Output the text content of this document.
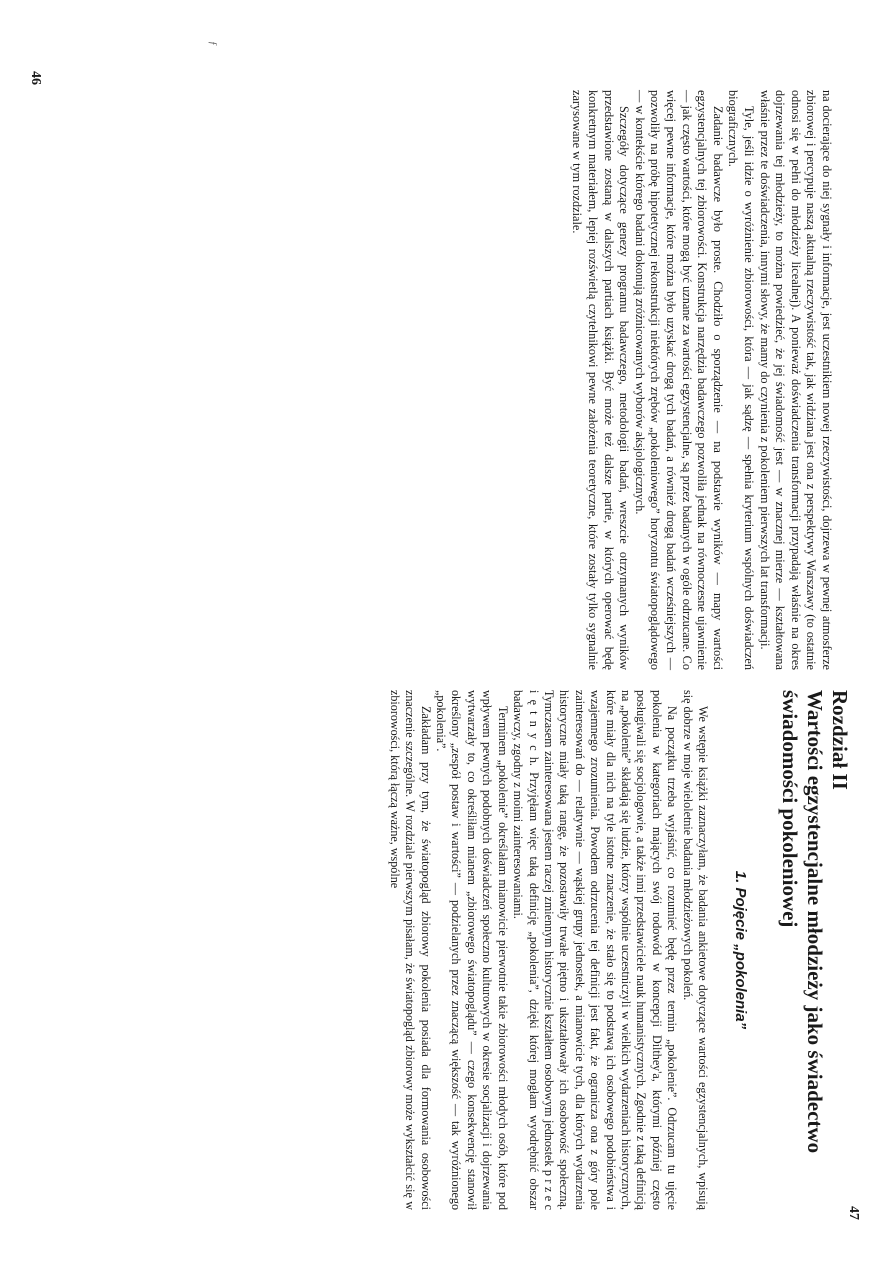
46
47
ƒ

na docierające do niej sygnały i informacje, jest uczestnikiem nowej rzeczywistości, dojrzewa w pewnej atmosferze zbiorowej i percypuje naszą aktualną rzeczywistość tak, jak widziana jest ona z perspektywy Warszawy (to ostatnie odnosi się w pełni do młodzieży licealnej). A ponieważ doświadczenia transformacji przypadają właśnie na okres dojrzewania tej młodzieży, to można powiedzieć, że jej świadomość jest — w znacznej mierze — kształtowana właśnie przez te doświadczenia, innymi słowy, że mamy do czynienia z pokoleniem pierwszych lat transformacji.

Tyle, jeśli idzie o wyróżnienie zbiorowości, która — jak sądzę — spełnia kryterium wspólnych doświadczeń biograficznych.

Zadanie badawcze było proste. Chodziło o sporządzenie — na podstawie wyników — mapy wartości egzystencjalnych tej zbiorowości. Konstrukcja narzędzia badawczego pozwoliła jednak na równoczesne ujawnienie — jak często wartości, które mogą być uznane za wartości egzystencjalne, są przez badanych w ogóle odrzucane. Co więcej pewne informacje, które można było uzyskać drogą tych badań, a również drogą badań wcześniejszych — pozwoliły na próbę hipotetycznej rekonstrukcji niektórych zrębów „pokoleniowego” horyzontu światopoglądowego — w kontekście którego badani dokonują zróżnicowanych wyborów aksjologicznych.

Szczegóły dotyczące genezy programu badawczego, metodologii badań, wreszcie otrzymanych wyników przedstawione zostaną w dalszych partiach książki. Być może też dalsze partie, w których operować będę konkretnym materiałem, lepiej rozświetlą czytelnikowi pewne założenia teoretyczne, które zostały tylko sygnalnie zarysowane w tym rozdziale.

Rozdział II
Wartości egzystencjalne młodzieży jako świadectwo świadomości pokoleniowej
1. Pojęcie „pokolenia”

We wstępie książki zaznaczyłam, że badania ankietowe dotyczące wartości egzystencjalnych, wpisują się dobrze w moje wieloletnie badania młodzieżowych pokoleń.

Na początku trzeba wyjaśnić, co rozumieć będę przez termin „pokolenie”. Odrzucam tu ujęcie pokolenia w kategoriach mających swój rodowód w koncepcji Dilthey'a, którymi później często posługiwali się socjologowie, a także inni przedstawiciele nauk humanistycznych. Zgodnie z taką definicją na „pokolenie” składają się ludzie, którzy wspólnie uczestniczyli w wielkich wydarzeniach historycznych, które miały dla nich na tyle istotne znaczenie, że stało się to podstawą ich osobowego podobieństwa i wzajemnego zrozumienia. Powodem odrzucenia tej definicji jest fakt, że ogranicza ona z góry pole zainteresowań do — relatywnie — wąskiej grupy jednostek, a mianowicie tych, dla których wydarzenia historyczne miały taką rangę, że pozostawiły trwałe piętno i ukształtowały ich osobowość społeczną. Tymczasem zainteresowana jestem raczej zmiennym historycznie kształtem osobowym jednostek p r z e c i ę t n y c h. Przyjęłam więc taką definicję „pokolenia”, dzięki której mogłam wyodrębnić obszar badawczy, zgodny z moimi zainteresowaniami.

Terminem „pokolenie” określałam mianowicie pierwotnie takie zbiorowości młodych osób, które pod wpływem pewnych podobnych doświadczeń społeczno kulturowych w okresie socjalizacji i dojrzewania wytwarzały to, co określiłam mianem „zbiorowego światopoglądu” — czego konsekwencję stanowił określony „zespół postaw i wartości” — podzielanych przez znaczącą większość — tak wyróżnionego „pokolenia”.

Zakładam przy tym, że światopogląd zbiorowy pokolenia posiada dla formowania osobowości znaczenie szczególne. W rozdziale pierwszym pisałam, że światopogląd zbiorowy może wykształcić się w zbiorowości, którą łączą ważne, wspólne
